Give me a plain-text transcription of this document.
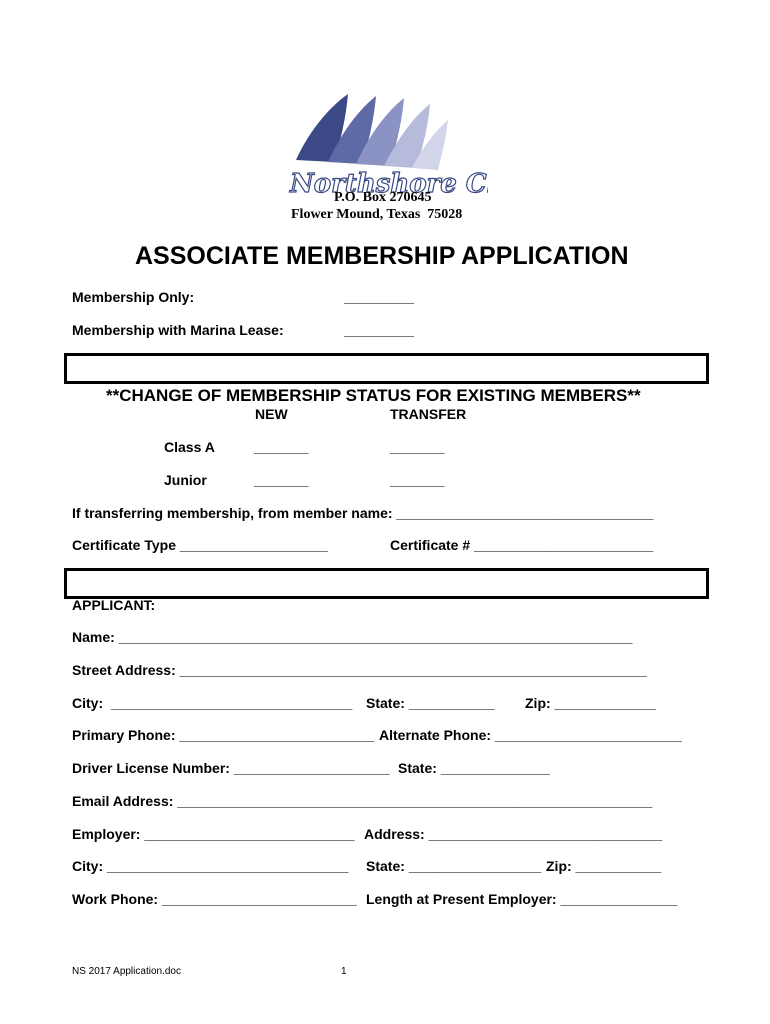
Northshore C
P.O. Box 270645
Flower Mound, Texas  75028
ASSOCIATE MEMBERSHIP APPLICATION
Membership Only:	_________
Membership with Marina Lease:	_________
**CHANGE OF MEMBERSHIP STATUS FOR EXISTING MEMBERS**
NEW	TRANSFER
Class A	_______	_______
Junior	_______	_______
If transferring membership, from member name: _________________________________
Certificate Type ___________________	Certificate # _______________________
APPLICANT:
Name: __________________________________________________________________
Street Address: ____________________________________________________________
City:  _______________________________ State: ___________ Zip: _____________
Primary Phone: _________________________ Alternate Phone: ________________________
Driver License Number: ____________________ State: ______________
Email Address: _____________________________________________________________
Employer: ___________________________ Address: ______________________________
City: _______________________________ State: _________________ Zip: ___________
Work Phone: _________________________ Length at Present Employer: _______________
NS 2017 Application.doc	1
